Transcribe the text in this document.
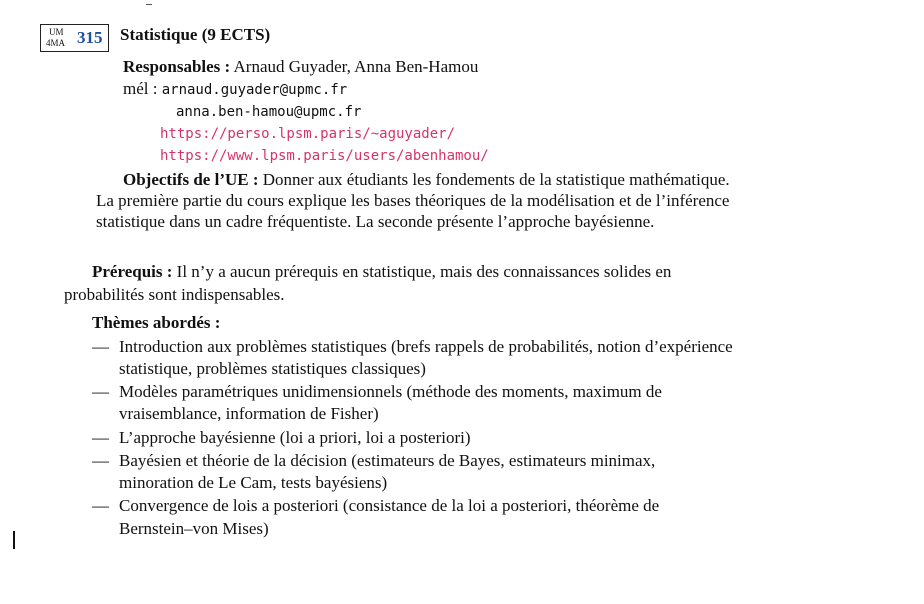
UM
4MA 315 Statistique (9 ECTS)
Responsables : Arnaud Guyader, Anna Ben-Hamou
mél : arnaud.guyader@upmc.fr
anna.ben-hamou@upmc.fr
https://perso.lpsm.paris/~aguyader/
https://www.lpsm.paris/users/abenhamou/
Objectifs de l’UE : Donner aux étudiants les fondements de la statistique mathématique.
La première partie du cours explique les bases théoriques de la modélisation et de l’inférence
statistique dans un cadre fréquentiste. La seconde présente l’approche bayésienne.
Prérequis : Il n’y a aucun prérequis en statistique, mais des connaissances solides en
probabilités sont indispensables.
Thèmes abordés :
— Introduction aux problèmes statistiques (brefs rappels de probabilités, notion d’expérience
statistique, problèmes statistiques classiques)
— Modèles paramétriques unidimensionnels (méthode des moments, maximum de
vraisemblance, information de Fisher)
— L’approche bayésienne (loi a priori, loi a posteriori)
— Bayésien et théorie de la décision (estimateurs de Bayes, estimateurs minimax,
minoration de Le Cam, tests bayésiens)
— Convergence de lois a posteriori (consistance de la loi a posteriori, théorème de
Bernstein–von Mises)
